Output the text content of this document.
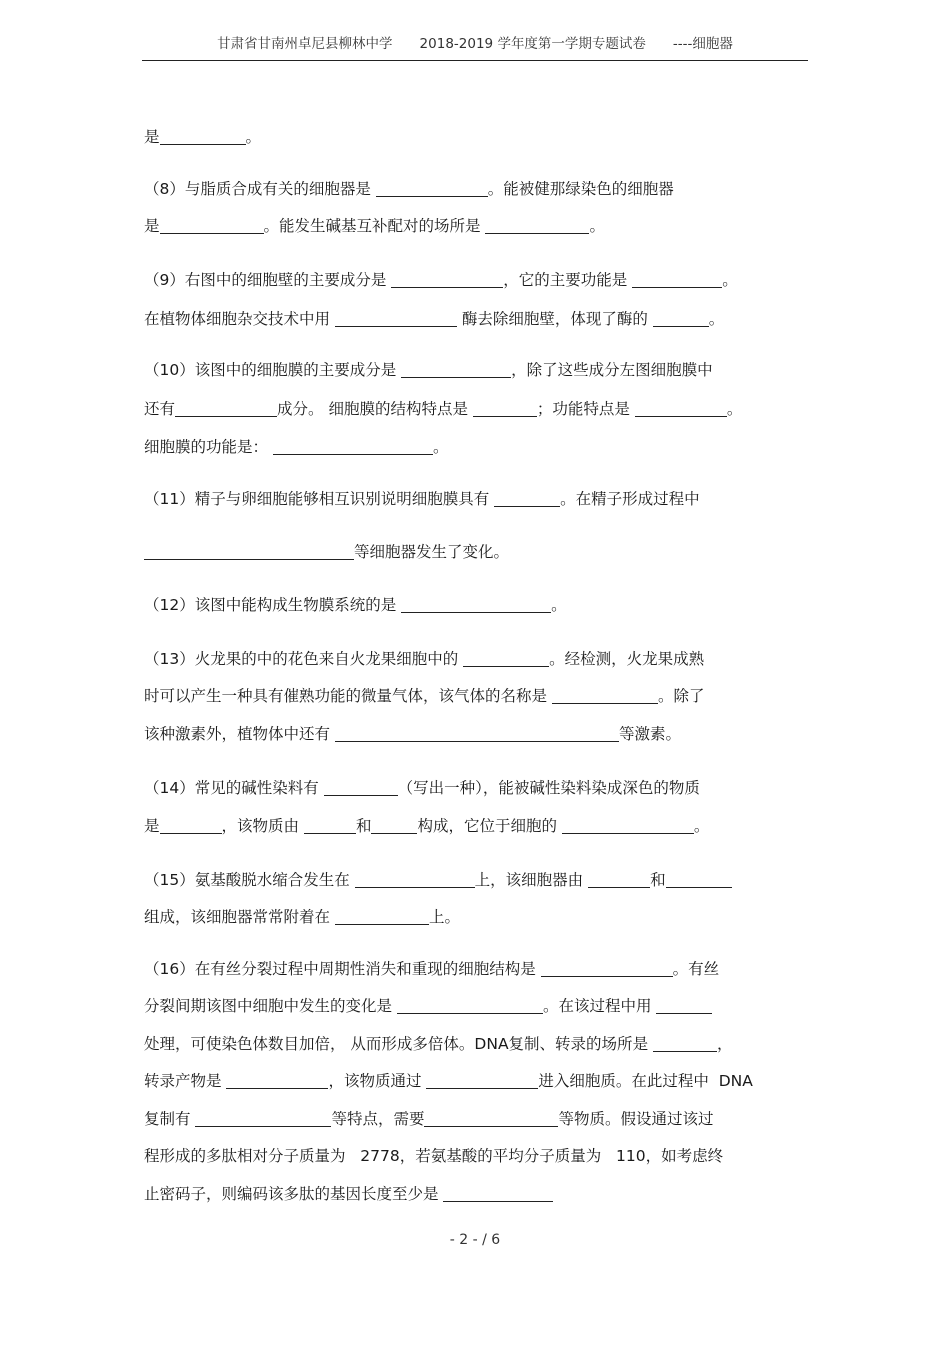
甘肃省甘南州卓尼县柳林中学　　2018-2019 学年度第一学期专题试卷　　----细胞器
是	。
（8）与脂质合成有关的细胞器是	。能被健那绿染色的细胞器
是	。能发生碱基互补配对的场所是	。
（9）右图中的细胞壁的主要成分是	，它的主要功能是	。
在植物体细胞杂交技术中用	酶去除细胞壁，体现了酶的	。
（10）该图中的细胞膜的主要成分是	，除了这些成分左图细胞膜中
还有	成分。 细胞膜的结构特点是	；功能特点是	。
细胞膜的功能是：	。
（11）精子与卵细胞能够相互识别说明细胞膜具有	。在精子形成过程中
等细胞器发生了变化。
（12）该图中能构成生物膜系统的是	。
（13）火龙果的中的花色来自火龙果细胞中的	。经检测，火龙果成熟
时可以产生一种具有催熟功能的微量气体，该气体的名称是	。除了
该种激素外，植物体中还有	等激素。
（14）常见的碱性染料有	（写出一种），能被碱性染料染成深色的物质
是	，该物质由	和	构成，它位于细胞的	。
（15）氨基酸脱水缩合发生在	上，该细胞器由	和
组成，该细胞器常常附着在	上。
（16）在有丝分裂过程中周期性消失和重现的细胞结构是	。有丝
分裂间期该图中细胞中发生的变化是	。在该过程中用
处理，可使染色体数目加倍， 从而形成多倍体。DNA复制、转录的场所是	，
转录产物是	，该物质通过	进入细胞质。在此过程中  DNA
复制有	等特点，需要	等物质。假设通过该过
程形成的多肽相对分子质量为   2778，若氨基酸的平均分子质量为   110，如考虑终
止密码子，则编码该多肽的基因长度至少是
- 2 - / 6
